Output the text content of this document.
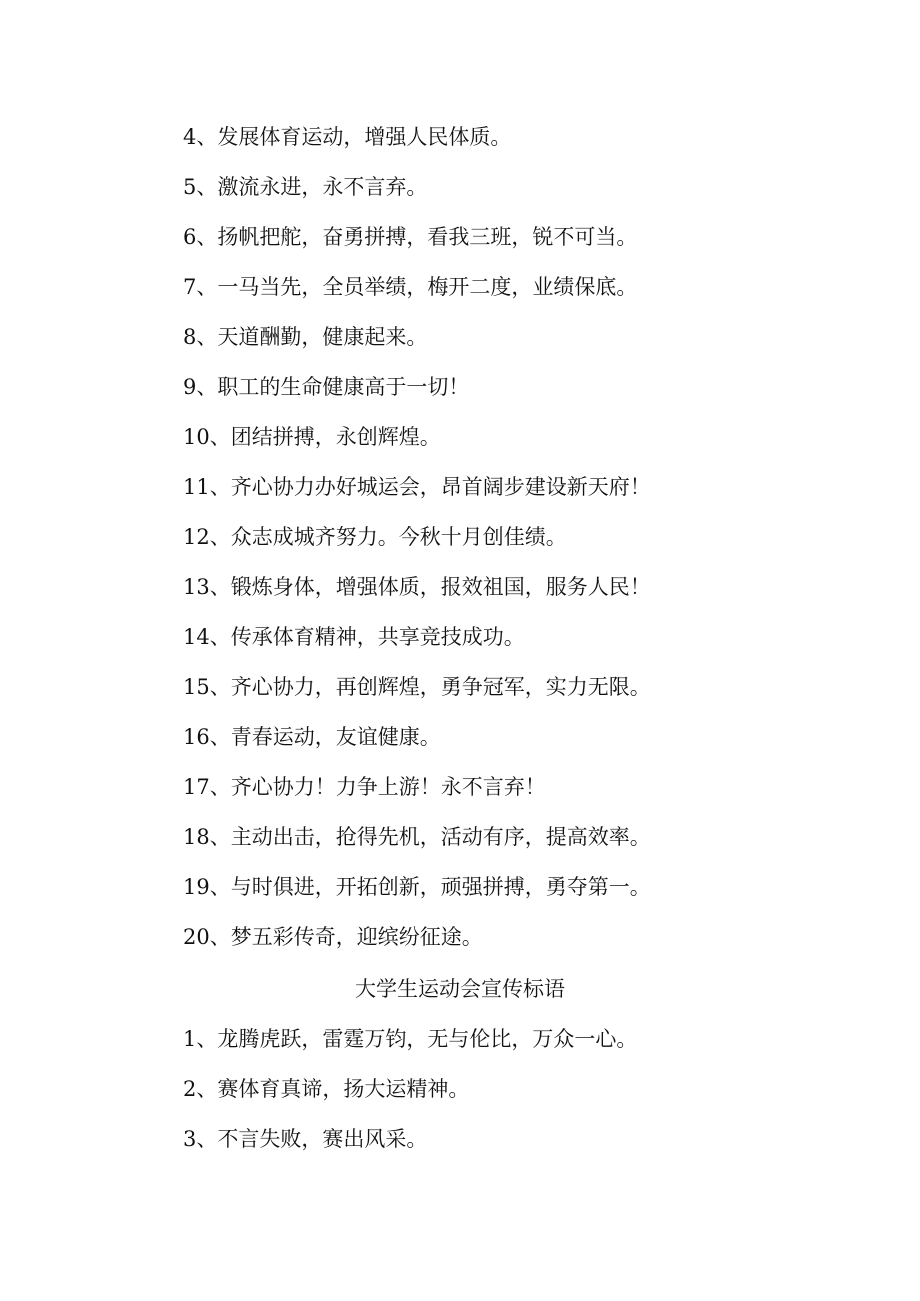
4、发展体育运动，增强人民体质。
5、激流永进，永不言弃。
6、扬帆把舵，奋勇拼搏，看我三班，锐不可当。
7、一马当先，全员举绩，梅开二度，业绩保底。
8、天道酬勤，健康起来。
9、职工的生命健康高于一切！
10、团结拼搏，永创辉煌。
11、齐心协力办好城运会，昂首阔步建设新天府！
12、众志成城齐努力。今秋十月创佳绩。
13、锻炼身体，增强体质，报效祖国，服务人民！
14、传承体育精神，共享竞技成功。
15、齐心协力，再创辉煌，勇争冠军，实力无限。
16、青春运动，友谊健康。
17、齐心协力！力争上游！永不言弃！
18、主动出击，抢得先机，活动有序，提高效率。
19、与时俱进，开拓创新，顽强拼搏，勇夺第一。
20、梦五彩传奇，迎缤纷征途。
大学生运动会宣传标语
1、龙腾虎跃，雷霆万钧，无与伦比，万众一心。
2、赛体育真谛，扬大运精神。
3、不言失败，赛出风采。
